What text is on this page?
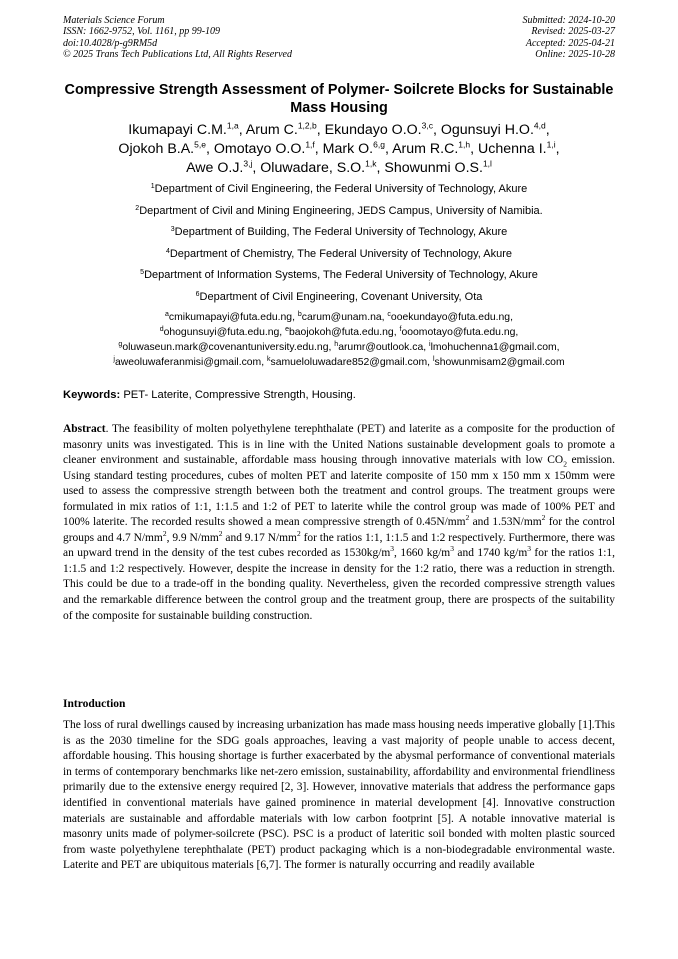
Materials Science Forum
ISSN: 1662-9752, Vol. 1161, pp 99-109
doi:10.4028/p-g9RM5d
© 2025 Trans Tech Publications Ltd, All Rights Reserved
Submitted: 2024-10-20
Revised: 2025-03-27
Accepted: 2025-04-21
Online: 2025-10-28
Compressive Strength Assessment of Polymer- Soilcrete Blocks for Sustainable Mass Housing

Ikumapayi C.M.$^{1,a}$, Arum C.$^{1,2,b}$, Ekundayo O.O.$^{3,c}$, Ogunsuyi H.O.$^{4,d}$,
Ojokoh B.A.$^{5,e}$, Omotayo O.O.$^{1,f}$, Mark O.$^{6,g}$, Arum R.C.$^{1,h}$, Uchenna I.$^{1,i}$,
Awe O.J.$^{3,j}$, Oluwadare, S.O.$^{1,k}$, Showunmi O.S.$^{1,l}$

$^1$Department of Civil Engineering, the Federal University of Technology, Akure

$^2$Department of Civil and Mining Engineering, JEDS Campus, University of Namibia.

$^3$Department of Building, The Federal University of Technology, Akure

$^4$Department of Chemistry, The Federal University of Technology, Akure

$^5$Department of Information Systems, The Federal University of Technology, Akure

$^6$Department of Civil Engineering, Covenant University, Ota

$^a$cmikumapayi@futa.edu.ng, $^b$carum@unam.na, $^c$ooekundayo@futa.edu.ng,
$^d$ohogunsuyi@futa.edu.ng, $^e$baojokoh@futa.edu.ng, $^f$ooomotayo@futa.edu.ng,
$^g$oluwaseun.mark@covenantuniversity.edu.ng, $^h$arumr@outlook.ca, $^i$lmohuchenna1@gmail.com,
$^j$aweoluwaferanmisi@gmail.com, $^k$samueloluwadare852@gmail.com, $^l$showunmisam2@gmail.com

Keywords: PET- Laterite, Compressive Strength, Housing.

Abstract. The feasibility of molten polyethylene terephthalate (PET) and laterite as a composite for the production of masonry units was investigated. This is in line with the United Nations sustainable development goals to promote a cleaner environment and sustainable, affordable mass housing through innovative materials with low $CO_2$ emission. Using standard testing procedures, cubes of molten PET and laterite composite of 150 mm x 150 mm x 150mm were used to assess the compressive strength between both the treatment and control groups. The treatment groups were formulated in mix ratios of 1:1, 1:1.5 and 1:2 of PET to laterite while the control group was made of 100% PET and 100% laterite. The recorded results showed a mean compressive strength of $0.45N/mm^2$ and $1.53N/mm^2$ for the control groups and 4.7 $N/mm^2$, 9.9 $N/mm^2$ and 9.17 $N/mm^2$ for the ratios 1:1, 1:1.5 and 1:2 respectively. Furthermore, there was an upward trend in the density of the test cubes recorded as $1530kg/m^3$, 1660 $kg/m^3$ and 1740 $kg/m^3$ for the ratios 1:1, 1:1.5 and 1:2 respectively. However, despite the increase in density for the 1:2 ratio, there was a reduction in strength. This could be due to a trade-off in the bonding quality. Nevertheless, given the recorded compressive strength values and the remarkable difference between the control group and the treatment group, there are prospects of the suitability of the composite for sustainable building construction.

Introduction

The loss of rural dwellings caused by increasing urbanization has made mass housing needs imperative globally [1].This is as the 2030 timeline for the SDG goals approaches, leaving a vast majority of people unable to access decent, affordable housing. This housing shortage is further exacerbated by the abysmal performance of conventional materials in terms of contemporary benchmarks like net-zero emission, sustainability, affordability and environmental friendliness primarily due to the extensive energy required [2, 3]. However, innovative materials that address the performance gaps identified in conventional materials have gained prominence in material development [4]. Innovative construction materials are sustainable and affordable materials with low carbon footprint [5]. A notable innovative material is masonry units made of polymer-soilcrete (PSC). PSC is a product of lateritic soil bonded with molten plastic sourced from waste polyethylene terephthalate (PET) product packaging which is a non-biodegradable environmental waste. Laterite and PET are ubiquitous materials [6,7]. The former is naturally occurring and readily available
